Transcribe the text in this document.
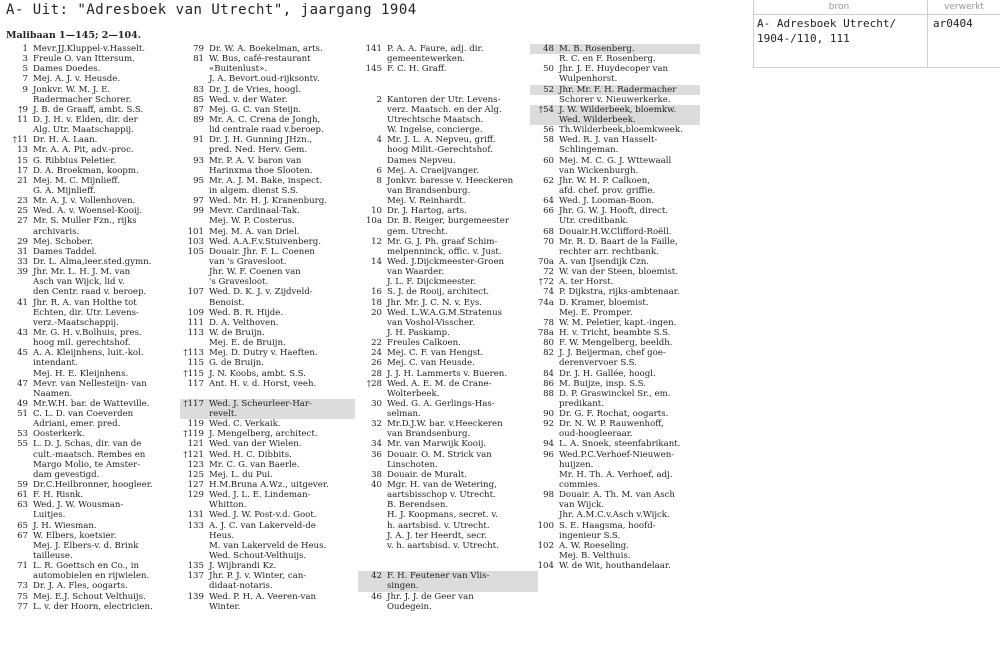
A- Uit: "Adresboek van Utrecht", jaargang 1904
Malibaan 1—145; 2—104.
1 Mevr.JJ.Kluppel-v.Hasselt.
3 Freule O. van Ittersum.
5 Dames Doedes.
7 Mej. A. J. v. Heusde.
9 Jonkvr. W. M. J. E.
Radermacher Schorer.
†9 J. B. de Graaff, ambt. S.S.
11 D. J. H. v. Elden, dir. der
Alg. Utr. Maatschappij.
†11 Dr. H. A. Laan.
13 Mr. A. A. Pit, adv.-proc.
15 G. Ribbius Peletier.
17 D. A. Broekman, koopm.
21 Mej. M. C. Mijnlieff.
G. A. Mijnlieff.
23 Mr. A. J. v. Vollenhoven.
25 Wed. A. v. Woensel-Kooij.
27 Mr. S. Muller Fzn., rijks
archivaris.
29 Mej. Schober.
31 Dames Taddel.
33 Dr. L. Alma,leer.sted.gymn.
39 Jhr. Mr. L. H. J. M. van
Asch van Wijck, lid v.
den Centr. raad v. beroep.
41 Jhr. R. A. van Holthe tot
Echten, dir. Utr. Levens-
verz.-Maatschappij.
43 Mr. G. H. v.Bolhuis, pres.
hoog mil. gerechtshof.
45 A. A. Kleijnhens, luit.-kol.
intendant.
Mej. H. E. Kleijnhens.
47 Mevr. van Nellesteijn- van
Naamen.
49 Mr.W.H. bar. de Watteville.
51 C. L. D. van Coeverden
Adriani, emer. pred.
53 Oosterkerk.
55 L. D. J. Schas, dir. van de
cult.-maatsch. Rembes en
Margo Molio, te Amster-
dam gevestigd.
59 Dr.C.Heilbronner, hoogleer.
61 F. H. Risnk.
63 Wed. J. W. Wousman-
Luitjes.
65 J. H. Wiesman.
67 W. Elbers, koetsier.
Mej. J. Elbers-v. d. Brink
tailleuse.
71 L. R. Goettsch en Co., in
automobielen en rijwielen.
73 Dr. J. A. Fles, oogarts.
75 Mej. E.J. Schout Velthuijs.
77 L. v. der Hoorn, electricien.
79 Dr. W. A. Boekelman, arts.
81 W. Bus, café-restaurant
«Buitenlust».
J. A. Bevort.oud-rijksontv.
83 Dr. J. de Vries, hoogl.
85 Wed. v. der Water.
87 Mej. G. C. van Steijn.
89 Mr. A. C. Crena de Jongh,
lid centrale raad v.beroep.
91 Dr. J. H. Gunning JHzn.,
pred. Ned. Herv. Gem.
93 Mr. P. A. V. baron van
Harinxma thoe Slooten.
95 Mr. A. J. M. Bake, inspect.
in algem. dienst S.S.
97 Wed. Mr. H. J. Kranenburg.
99 Mevr. Cardinaal-Tak.
Mej. W. P. Costerus.
101 Mej. M. A. van Driel.
103 Wed. A.A.F.v.Stuivenberg.
105 Douair. Jhr. F. L. Coenen
van 's Gravesloot.
Jhr. W. F. Coenen van
's Gravesloot.
107 Wed. D. K. J. v. Zijdveld-
Benoist.
109 Wed. B. R. Hijde.
111 D. A. Velthoven.
113 W. de Bruijn.
Mej. E. de Bruijn.
†113 Mej. D. Dutry v. Haeften.
115 G. de Bruijn.
†115 J. N. Koobs, ambt. S.S.
117 Ant. H. v. d. Horst, veeh.
†117 Wed. J. Scheurleer-Har-
revelt.
119 Wed. C. Verkaik.
†119 J. Mengelberg, architect.
121 Wed. van der Wielen.
†121 Wed. H. C. Dibbits.
123 Mr. C. G. van Baerle.
125 Mej. L. du Pui.
127 H.M.Bruna A.Wz., uitgever.
129 Wed. J. L. E. Lindeman-
Whitton.
131 Wed. J. W. Post-v.d. Goot.
133 A. J. C. van Lakerveld-de
Heus.
M. van Lakerveld de Heus.
Wed. Schout-Velthuijs.
135 J. Wijbrandi Kz.
137 Jhr. P. J. v. Winter, can-
didaat-notaris.
139 Wed. P. H. A. Veeren-van
Winter.
141 P. A. A. Faure, adj. dir.
gemeentewerken.
145 F. C. H. Graff.
2 Kantoren der Utr. Levens-
verz. Maatsch. en der Alg.
Utrechtsche Maatsch.
W. Ingelse, concierge.
4 Mr. J. L. A. Nepveu, griff.
hoog Milit.-Gerechtshof.
Dames Nepveu.
6 Mej. A. Craeijvanger.
8 Jonkvr. baresse v. Heeckeren
van Brandsenburg.
Mej. V. Reinhardt.
10 Dr. J. Hartog, arts.
10a Dr. B. Reiger, burgemeester
gem. Utrecht.
12 Mr. G. J. Ph. graaf Schim-
melpenninck, offic. v. Just.
14 Wed. J.Dijckmeester-Groen
van Waarder.
J. L. F. Dijckmeester.
16 S. J. de Rooij, architect.
18 Jhr. Mr. J. C. N. v. Eys.
20 Wed. L.W.A.G.M.Stratenus
van Voshol-Visscher.
J. H. Paskamp.
22 Freules Calkoen.
24 Mej. C. F. van Hengst.
26 Mej. C. van Heusde.
28 J. J. H. Lammerts v. Bueren.
†28 Wed. A. E. M. de Crane-
Wolterbeek.
30 Wed. G. A. Gerlings-Has-
selman.
32 Mr.D.J.W. bar. v.Heeckeren
van Brandsenburg.
34 Mr. van Marwijk Kooij.
36 Douair. O. M. Strick van
Linschoten.
38 Douair. de Muralt.
40 Mgr. H. van de Wetering,
aartsbisschop v. Utrecht.
B. Berendsen.
H. J. Koopmans, secret. v.
h. aartsbisd. v. Utrecht.
J. A. J. ter Heerdt, secr.
v. h. aartsbisd. v. Utrecht.
42 F. H. Feutener van Vlis-
singen.
46 Jhr. J. J. de Geer van
Oudegein.
48 M. B. Rosenberg.
R. C. en F. Rosenberg.
50 Jhr. J. E. Huydecoper van
Wulpenhorst.
52 Jhr. Mr. F. H. Radermacher
Schorer v. Nieuwerkerke.
†54 J. W. Wilderbeek, bloemkw.
Wed. Wilderbeek.
56 Th.Wilderbeek,bloemkweek.
58 Wed. R. J. van Hasselt-
Schlingeman.
60 Mej. M. C. G. J. Wttewaall
van Wickenburgh.
62 Jhr. W. H. P. Calkoen,
afd. chef. prov. griffie.
64 Wed. J. Looman-Boon.
66 Jhr. G. W. J. Hooft, direct.
Utr. creditbank.
68 Douair.H.W.Clifford-Roëll.
70 Mr. R. D. Baart de la Faille,
rechter arr. rechtbank.
70a A. van IJsendijk Czn.
72 W. van der Steen, bloemist.
†72 A. ter Horst.
74 P. Dijkstra, rijks-ambtenaar.
74a D. Kramer, bloemist.
Mej. E. Promper.
78 W. M. Peletier, kapt.-ingen.
78a H. v. Tricht, beambte S.S.
80 F. W. Mengelberg, beeldh.
82 J. J. Beijerman, chef goe-
derenvervoer S.S.
84 Dr. J. H. Gallée, hoogl.
86 M. Buijze, insp. S.S.
88 D. P. Graswinckel Sr., em.
predikant.
90 Dr. G. F. Rochat, oogarts.
92 Dr. N. W. P. Rauwenhoff,
oud-hoogleeraar.
94 L. A. Snoek, steenfabrikant.
96 Wed.P.C.Verhoef-Nieuwen-
huijzen.
Mr. H. Th. A. Verhoef, adj.
commies.
98 Douair. A. Th. M. van Asch
van Wijck.
Jhr. A.M.C.v.Asch v.Wijck.
100 S. E. Haagsma, hoofd-
ingenieur S.S.
102 A. W. Roeseling.
Mej. B. Velthuis.
104 W. de Wit, houthandelaar.
bron	verwerkt
A- Adresboek Utrecht/
1904-/110, 111
ar0404
